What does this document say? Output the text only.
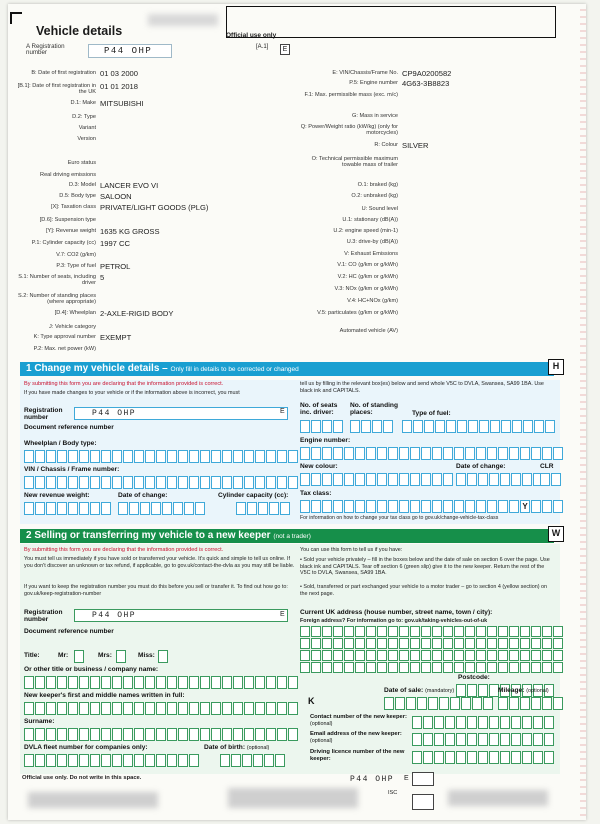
Vehicle details	Official use only
A Registration number	P44 OHP	[A.1]	E
B: Date of first registration 01 03 2000
[B.1]: Date of first registration in the UK
01 01 2018
D.1: Make MITSUBISHI
D.2: Type
Variant
Version
Euro status
Real driving emissions
D.3: Model LANCER EVO VI
D.5: Body type SALOON
[X]: Taxation class PRIVATE/LIGHT GOODS (PLG)
[D.6]: Suspension type
[Y]: Revenue weight 1635 KG GROSS
P.1: Cylinder capacity (cc) 1997 CC
V.7: CO2 (g/km)
P.3: Type of fuel PETROL
S.1: Number of seats, including driver
5
S.2: Number of standing places (where appropriate)
[D.4]: Wheelplan 2-AXLE-RIGID BODY
J: Vehicle category
K: Type approval number EXEMPT
P.2: Max. net power (kW)
E: VIN/Chassis/Frame No. CP9A0200582
P.5: Engine number 4G63-3B8823
F.1: Max. permissible mass (exc. m/c)
G: Mass in service
Q: Power/Weight ratio (kW/kg) (only for motorcycles)
R: Colour SILVER
O: Technical permissible maximum towable mass of trailer
O.1: braked (kg)
O.2: unbraked (kg)
U: Sound level
U.1: stationary (dB(A))
U.2: engine speed (min-1)
U.3: drive-by (dB(A))
V: Exhaust Emissions
V.1: CO (g/km or g/kWh)
V.2: HC (g/km or g/kWh)
V.3: NOx (g/km or g/kWh)
V.4: HC+NOx (g/km)
V.5: particulates (g/km or g/kWh)
Automated vehicle (AV)
1 Change my vehicle details – Only fill in details to be corrected or changed	H
By submitting this form you are declaring that the information provided is correct.
If you have made changes to your vehicle or if the information above is incorrect, you must
tell us by filling in the relevant box(es) below and send whole V5C to DVLA, Swansea, SA99 1BA. Use black ink and CAPITALS.
Registration number	P44 OHP	E
Document reference number
Wheelplan / Body type:
VIN / Chassis / Frame number:
New revenue weight:	Date of change:	Cylinder capacity (cc):
No. of seats inc. driver:
No. of standing places:	Type of fuel:
Engine number:
New colour:	Date of change:	CLR
Tax class:
Y
For information on how to change your tax class go to gov.uk/change-vehicle-tax-class
2 Selling or transferring my vehicle to a new keeper (not a trader)	W
By submitting this form you are declaring that the information provided is correct.
You must tell us immediately if you have sold or transferred your vehicle. It's quick and simple to tell us online. If you don't discover an unknown or tax refund, if applicable, go to gov.uk/contact-the-dvla as you may still be liable.
If you want to keep the registration number you must do this before you sell or transfer it. To find out how go to: gov.uk/keep-registration-number
You can use this form to tell us if you have:
• Sold your vehicle privately – fill in the boxes below and the date of sale on section 6 over the page. Use black ink and CAPITALS. Tear off section 6 (green slip) give it to the new keeper. Return the rest of the V5C to DVLA, Swansea, SA99 1BA.
• Sold, transferred or part exchanged your vehicle to a motor trader – go to section 4 (yellow section) on the next page.
Registration number	P44 OHP	E
Document reference number
Title:	Mr:	Mrs:	Miss:
Or other title or business / company name:
New keeper's first and middle names written in full:
Surname:
DVLA fleet number for companies only:	Date of birth: (optional)
Current UK address (house number, street name, town / city):
Foreign address? For information go to: gov.uk/taking-vehicles-out-of-uk
Postcode:
K
Date of sale: (mandatory)	Mileage: (optional)
Contact number of the new keeper: (optional)
Email address of the new keeper: (optional)
Driving licence number of the new keeper:
Official use only. Do not write in this space.	P44 OHP E
ISC
